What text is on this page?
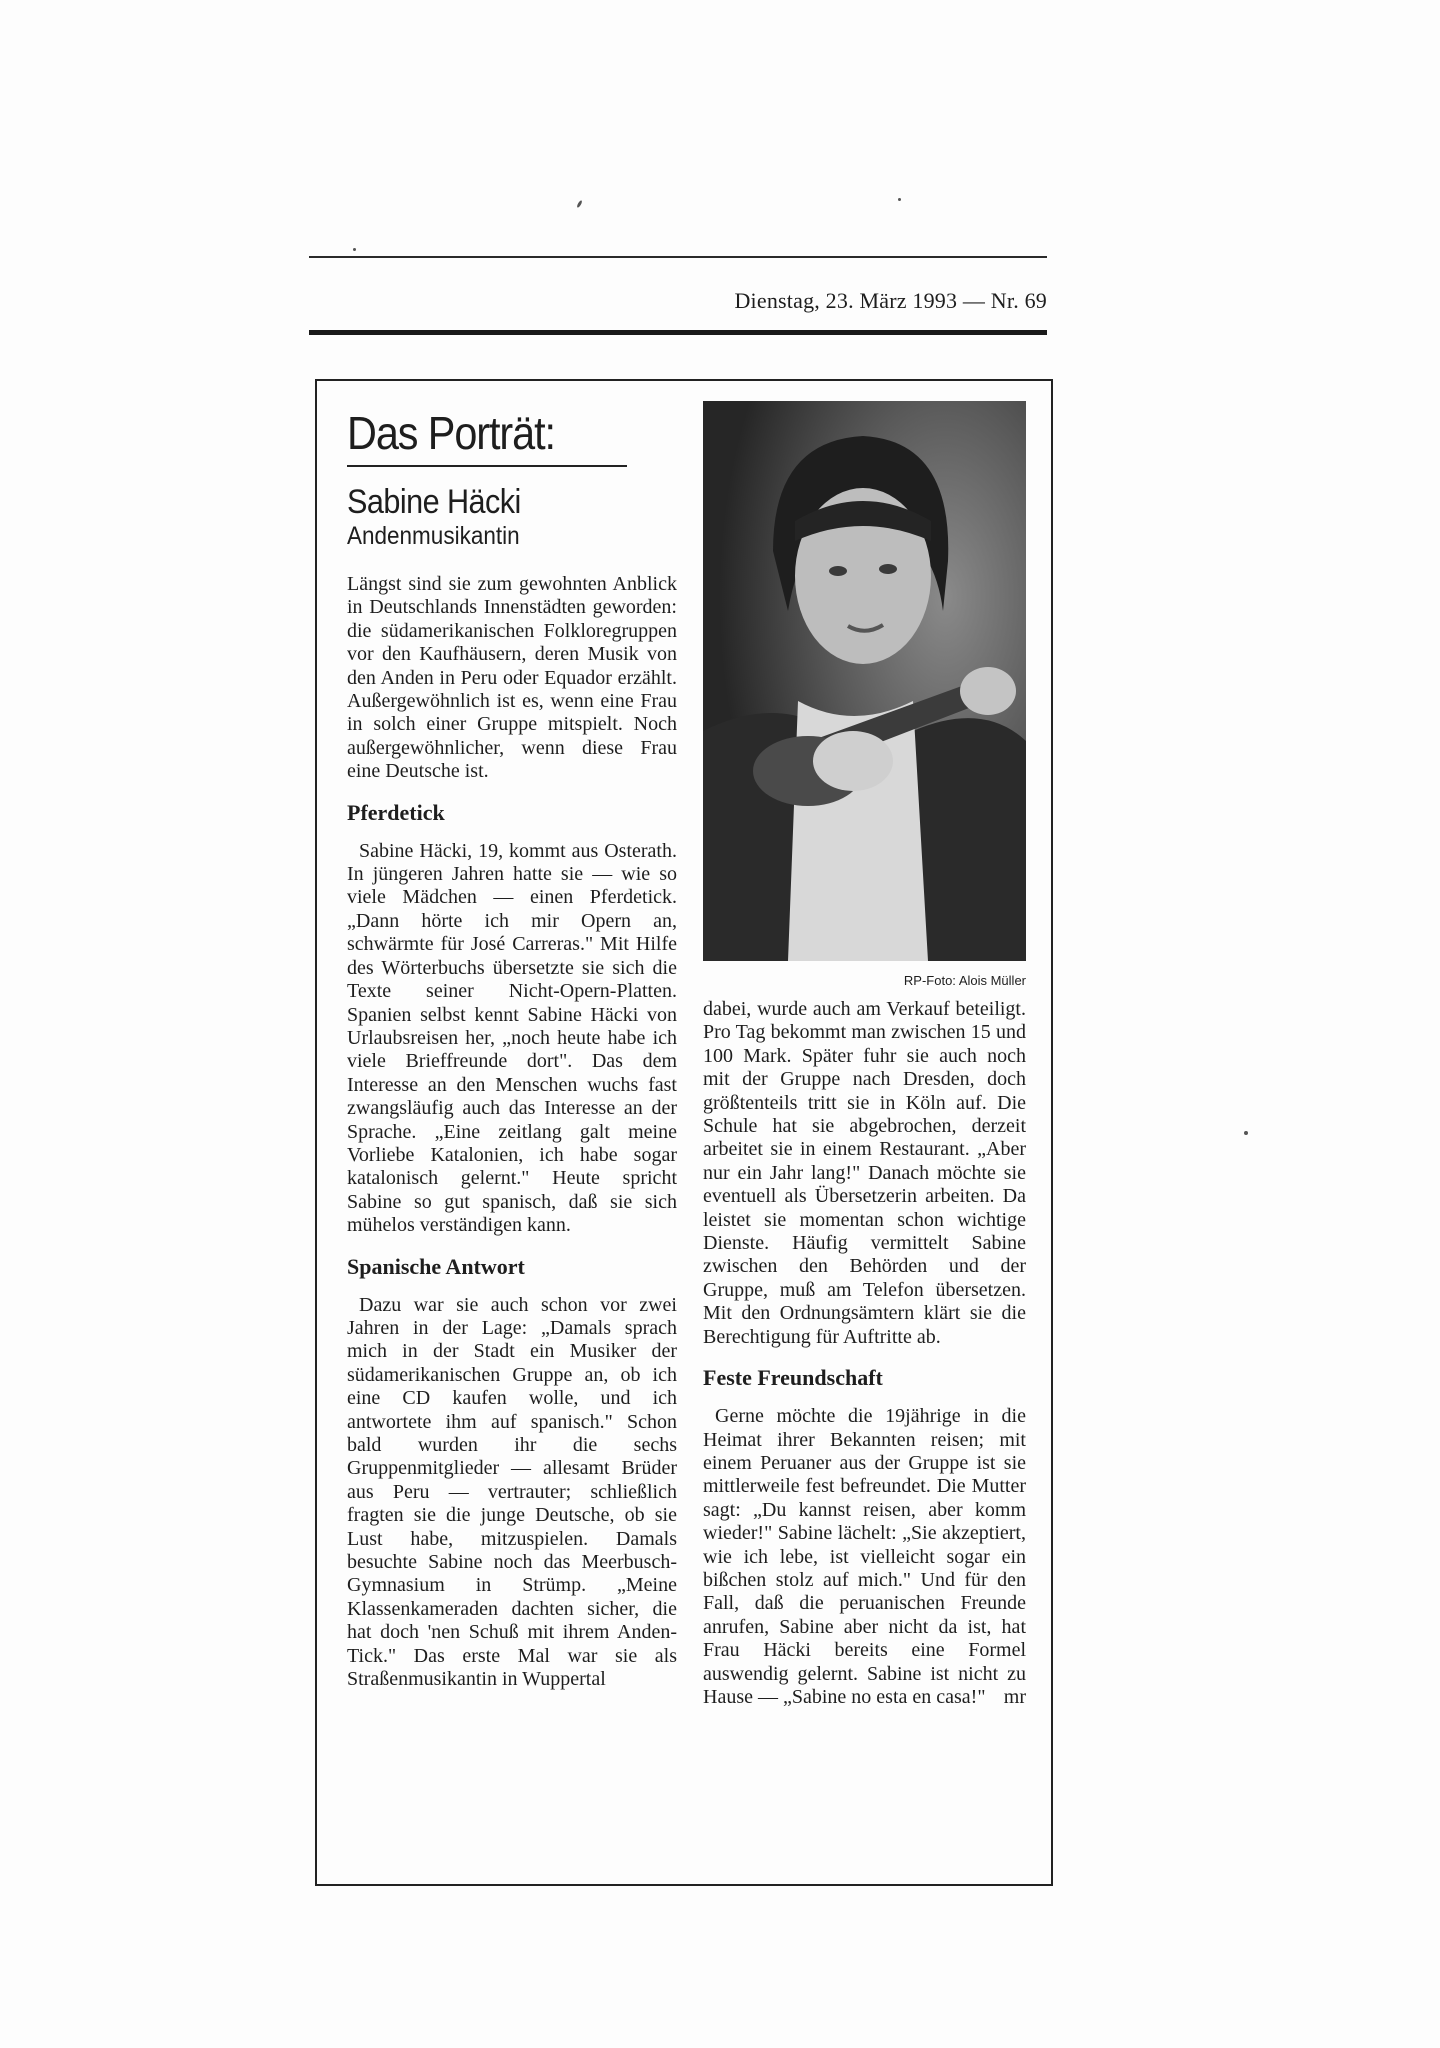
Dienstag, 23. März 1993 — Nr. 69
Das Porträt:
Sabine Häcki
Andenmusikantin

Längst sind sie zum gewohnten Anblick in Deutschlands Innenstädten geworden: die südamerikanischen Folkloregruppen vor den Kaufhäusern, deren Musik von den Anden in Peru oder Equador erzählt. Außergewöhnlich ist es, wenn eine Frau in solch einer Gruppe mitspielt. Noch außergewöhnlicher, wenn diese Frau eine Deutsche ist.

Pferdetick

Sabine Häcki, 19, kommt aus Osterath. In jüngeren Jahren hatte sie — wie so viele Mädchen — einen Pferdetick. „Dann hörte ich mir Opern an, schwärmte für José Carreras." Mit Hilfe des Wörterbuchs übersetzte sie sich die Texte seiner Nicht-Opern-Platten. Spanien selbst kennt Sabine Häcki von Urlaubsreisen her, „noch heute habe ich viele Brieffreunde dort". Das dem Interesse an den Menschen wuchs fast zwangsläufig auch das Interesse an der Sprache. „Eine zeitlang galt meine Vorliebe Katalonien, ich habe sogar katalonisch gelernt." Heute spricht Sabine so gut spanisch, daß sie sich mühelos verständigen kann.

Spanische Antwort

Dazu war sie auch schon vor zwei Jahren in der Lage: „Damals sprach mich in der Stadt ein Musiker der südamerikanischen Gruppe an, ob ich eine CD kaufen wolle, und ich antwortete ihm auf spanisch." Schon bald wurden ihr die sechs Gruppenmitglieder — allesamt Brüder aus Peru — vertrauter; schließlich fragten sie die junge Deutsche, ob sie Lust habe, mitzuspielen. Damals besuchte Sabine noch das Meerbusch-Gymnasium in Strümp. „Meine Klassenkameraden dachten sicher, die hat doch 'nen Schuß mit ihrem Anden-Tick." Das erste Mal war sie als Straßenmusikantin in Wuppertal

RP-Foto: Alois Müller

dabei, wurde auch am Verkauf beteiligt. Pro Tag bekommt man zwischen 15 und 100 Mark. Später fuhr sie auch noch mit der Gruppe nach Dresden, doch größtenteils tritt sie in Köln auf. Die Schule hat sie abgebrochen, derzeit arbeitet sie in einem Restaurant. „Aber nur ein Jahr lang!" Danach möchte sie eventuell als Übersetzerin arbeiten. Da leistet sie momentan schon wichtige Dienste. Häufig vermittelt Sabine zwischen den Behörden und der Gruppe, muß am Telefon übersetzen. Mit den Ordnungsämtern klärt sie die Berechtigung für Auftritte ab.

Feste Freundschaft

Gerne möchte die 19jährige in die Heimat ihrer Bekannten reisen; mit einem Peruaner aus der Gruppe ist sie mittlerweile fest befreundet. Die Mutter sagt: „Du kannst reisen, aber komm wieder!" Sabine lächelt: „Sie akzeptiert, wie ich lebe, ist vielleicht sogar ein bißchen stolz auf mich." Und für den Fall, daß die peruanischen Freunde anrufen, Sabine aber nicht da ist, hat Frau Häcki bereits eine Formel auswendig gelernt. Sabine ist nicht zu Hause — „Sabine no esta en casa!" mr
